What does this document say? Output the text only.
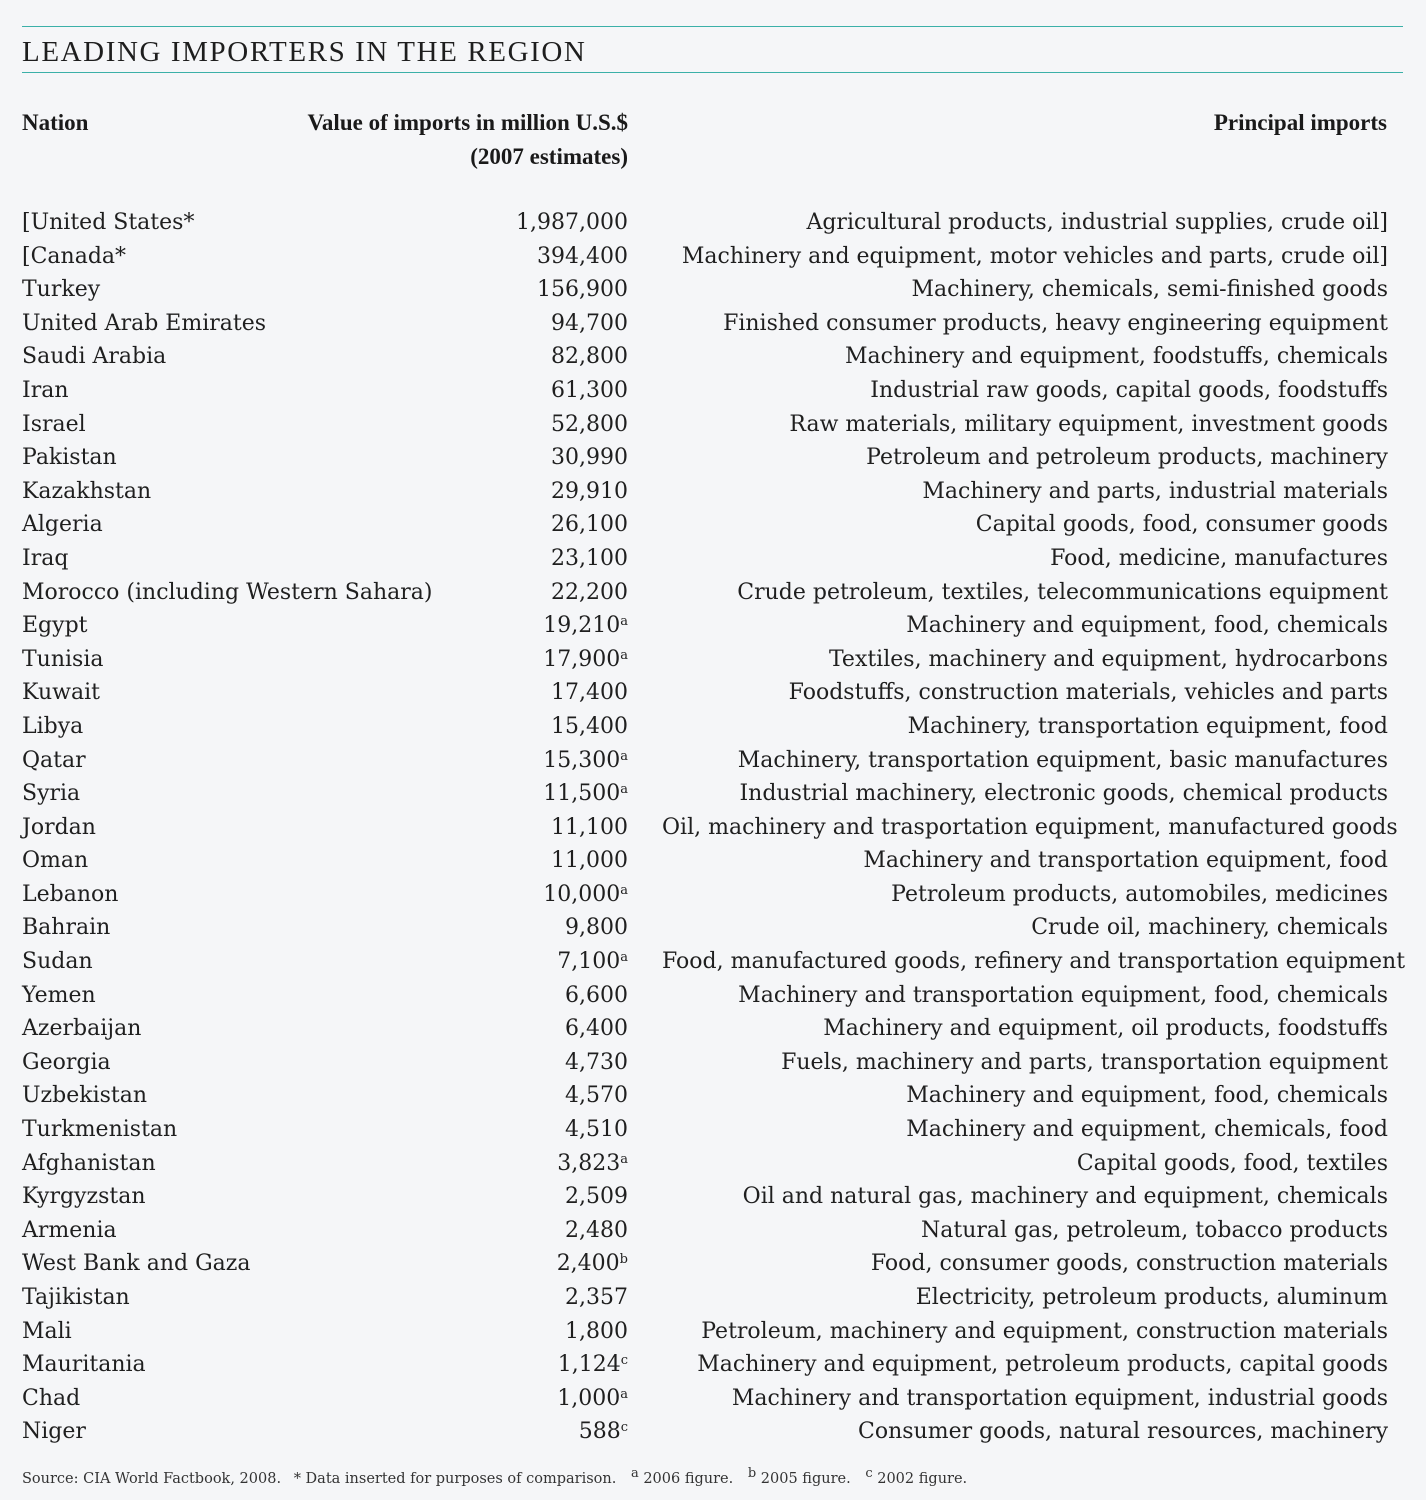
LEADING IMPORTERS IN THE REGION
Nation	Value of imports in million U.S.$
(2007 estimates)
Principal imports
[United States*	1,987,000	Agricultural products, industrial supplies, crude oil]
[Canada*	394,400	Machinery and equipment, motor vehicles and parts, crude oil]
Turkey	156,900	Machinery, chemicals, semi-finished goods
United Arab Emirates	94,700	Finished consumer products, heavy engineering equipment
Saudi Arabia	82,800	Machinery and equipment, foodstuffs, chemicals
Iran	61,300	Industrial raw goods, capital goods, foodstuffs
Israel	52,800	Raw materials, military equipment, investment goods
Pakistan	30,990	Petroleum and petroleum products, machinery
Kazakhstan	29,910	Machinery and parts, industrial materials
Algeria	26,100	Capital goods, food, consumer goods
Iraq	23,100	Food, medicine, manufactures
Morocco (including Western Sahara)	22,200	Crude petroleum, textiles, telecommunications equipment
Egypt	19,210$^a$	Machinery and equipment, food, chemicals
Tunisia	17,900$^a$	Textiles, machinery and equipment, hydrocarbons
Kuwait	17,400	Foodstuffs, construction materials, vehicles and parts
Libya	15,400	Machinery, transportation equipment, food
Qatar	15,300$^a$	Machinery, transportation equipment, basic manufactures
Syria	11,500$^a$	Industrial machinery, electronic goods, chemical products
Jordan	11,100 Oil, machinery and trasportation equipment, manufactured goods
Oman	11,000	Machinery and transportation equipment, food
Lebanon	10,000$^a$	Petroleum products, automobiles, medicines
Bahrain	9,800	Crude oil, machinery, chemicals
Sudan	7,100$^a$ Food, manufactured goods, refinery and transportation equipment
Yemen	6,600	Machinery and transportation equipment, food, chemicals
Azerbaijan	6,400	Machinery and equipment, oil products, foodstuffs
Georgia	4,730	Fuels, machinery and parts, transportation equipment
Uzbekistan	4,570	Machinery and equipment, food, chemicals
Turkmenistan	4,510	Machinery and equipment, chemicals, food
Afghanistan	3,823$^a$	Capital goods, food, textiles
Kyrgyzstan	2,509	Oil and natural gas, machinery and equipment, chemicals
Armenia	2,480	Natural gas, petroleum, tobacco products
West Bank and Gaza	2,400$^b$	Food, consumer goods, construction materials
Tajikistan	2,357	Electricity, petroleum products, aluminum
Mali	1,800	Petroleum, machinery and equipment, construction materials
Mauritania	1,124$^c$	Machinery and equipment, petroleum products, capital goods
Chad	1,000$^a$	Machinery and transportation equipment, industrial goods
Niger	588$^c$	Consumer goods, natural resources, machinery
Source: CIA World Factbook, 2008. * Data inserted for purposes of comparison. a 2006 figure. b 2005 figure. c 2002 figure.
